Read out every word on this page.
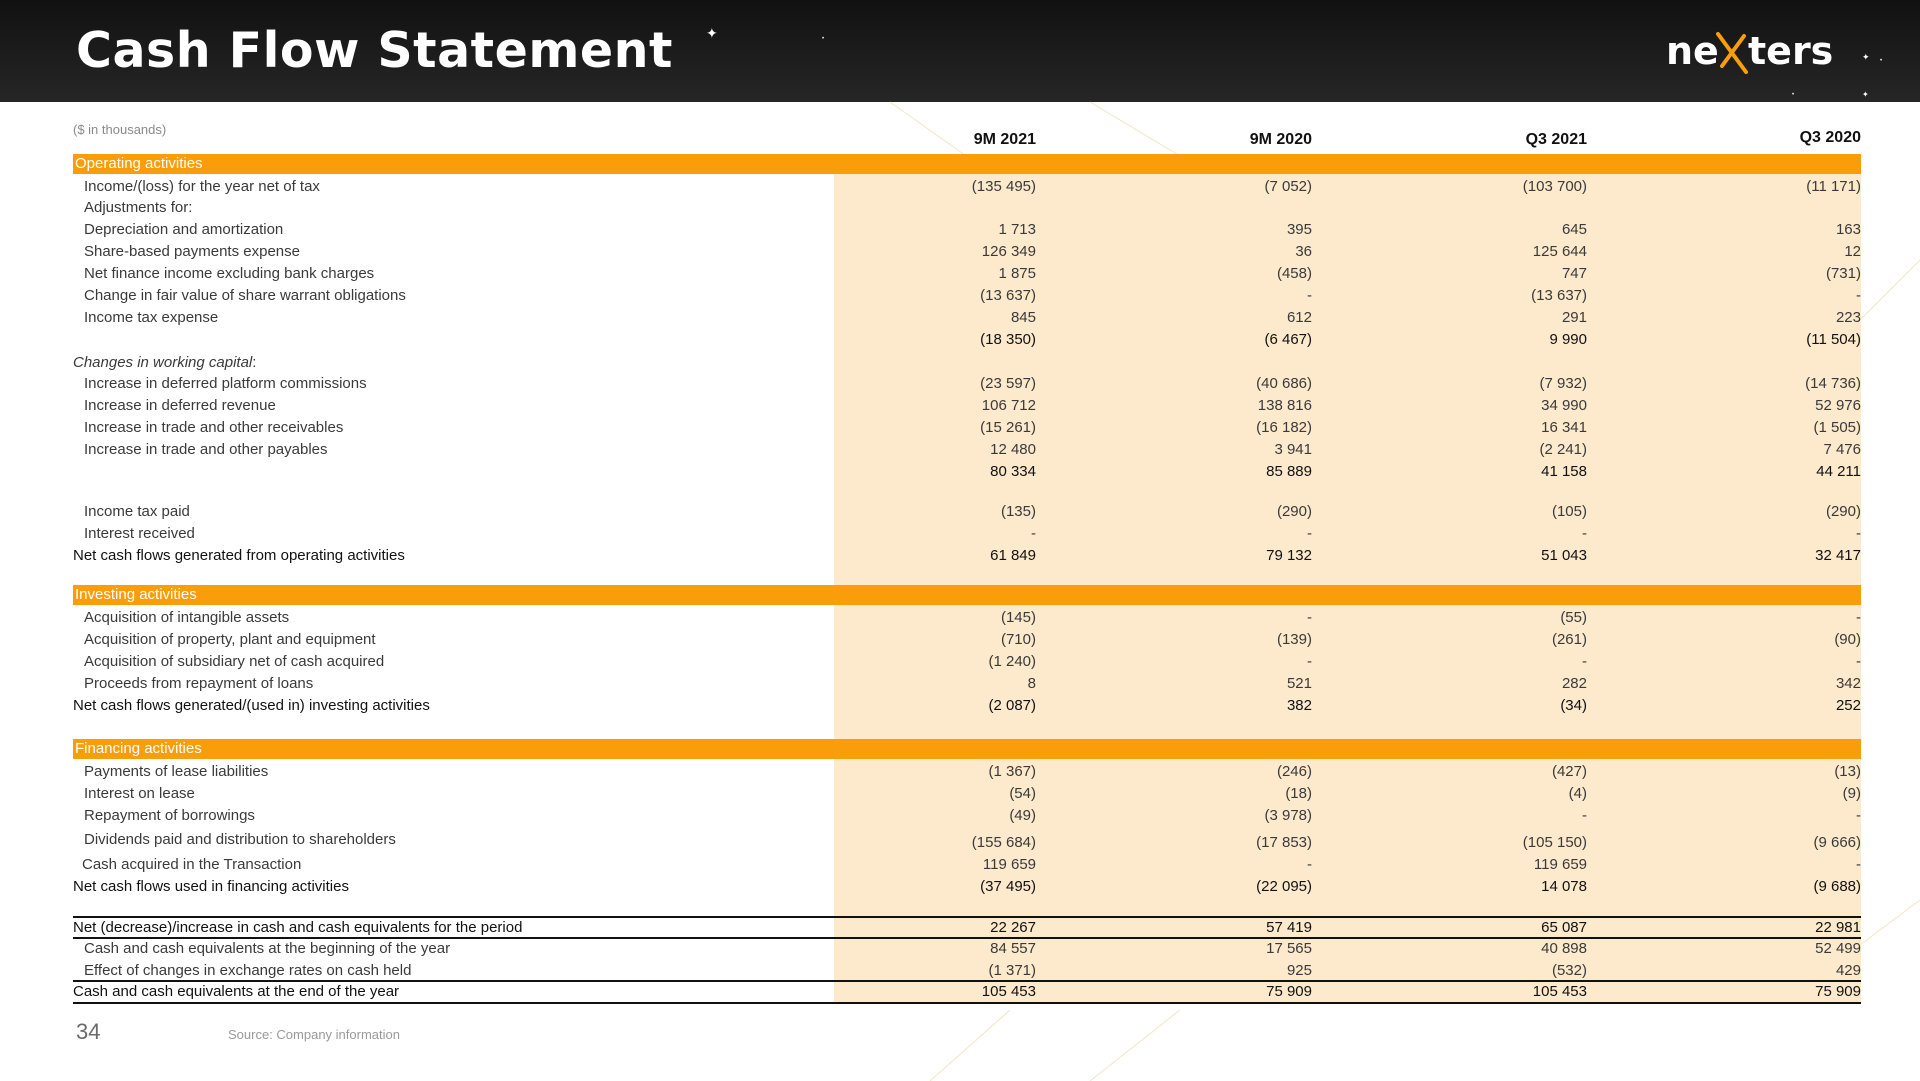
✦	•
✦ •
•	✦
Cash Flow Statement	ne ters
($ in thousands)
9M 2021	9M 2020	Q3 2021	Q3 2020
Operating activities
Income/(loss) for the year net of tax	(135 495)	(7 052)	(103 700)	(11 171)
Adjustments for:
Depreciation and amortization	1 713	395	645	163
Share-based payments expense	126 349	36	125 644	12
Net finance income excluding bank charges	1 875	(458)	747	(731)
Change in fair value of share warrant obligations	(13 637)	-	(13 637)	-
Income tax expense	845	612	291	223
(18 350)	(6 467)	9 990	(11 504)
Changes in working capital:
Increase in deferred platform commissions	(23 597)	(40 686)	(7 932)	(14 736)
Increase in deferred revenue	106 712	138 816	34 990	52 976
Increase in trade and other receivables	(15 261)	(16 182)	16 341	(1 505)
Increase in trade and other payables	12 480	3 941	(2 241)	7 476
80 334	85 889	41 158	44 211
Income tax paid	(135)	(290)	(105)	(290)
Interest received	-	-	-	-
Net cash flows generated from operating activities	61 849	79 132	51 043	32 417
Investing activities
Acquisition of intangible assets	(145)	-	(55)	-
Acquisition of property, plant and equipment	(710)	(139)	(261)	(90)
Acquisition of subsidiary net of cash acquired	(1 240)	-	-	-
Proceeds from repayment of loans	8	521	282	342
Net cash flows generated/(used in) investing activities	(2 087)	382	(34)	252
Financing activities
Payments of lease liabilities	(1 367)	(246)	(427)	(13)
Interest on lease	(54)	(18)	(4)	(9)
Repayment of borrowings	(49)	(3 978)	-	-
Dividends paid and distribution to shareholders	(155 684)	(17 853)	(105 150)	(9 666)
Cash acquired in the Transaction	119 659	-	119 659	-
Net cash flows used in financing activities	(37 495)	(22 095)	14 078	(9 688)
Net (decrease)/increase in cash and cash equivalents for the period	22 267	57 419	65 087	22 981
Cash and cash equivalents at the beginning of the year	84 557	17 565	40 898	52 499
Effect of changes in exchange rates on cash held	(1 371)	925	(532)	429
Cash and cash equivalents at the end of the year	105 453	75 909	105 453	75 909
34	Source: Company information
